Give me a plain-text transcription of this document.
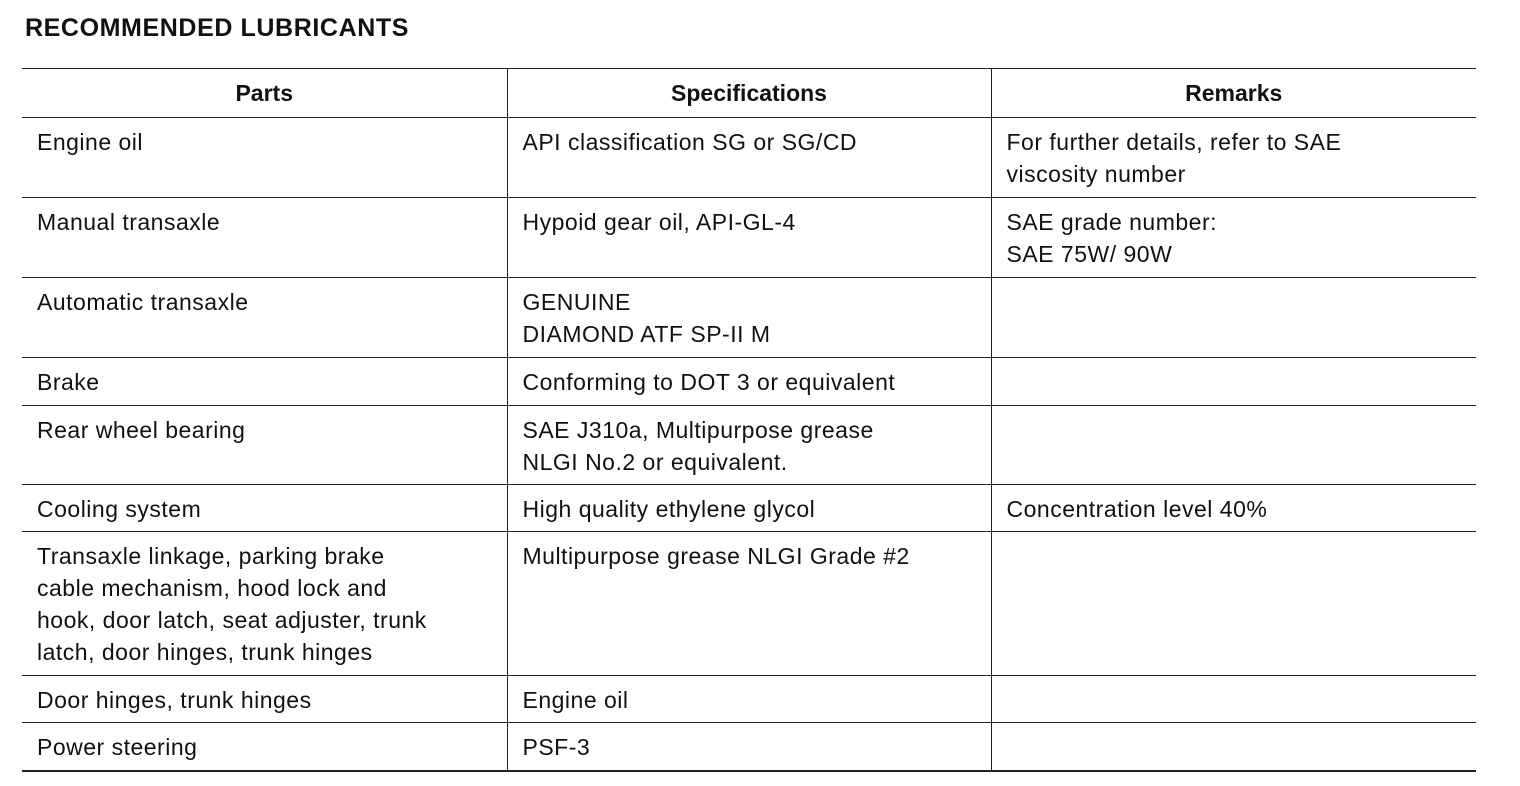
RECOMMENDED LUBRICANTS
Parts	Specifications	Remarks
Engine oil	API classification SG or SG/CD	For further details, refer to SAE
viscosity number
Manual transaxle	Hypoid gear oil, API-GL-4	SAE grade number:
SAE 75W/ 90W
Automatic transaxle	GENUINE
DIAMOND ATF SP-II M	
Brake	Conforming to DOT 3 or equivalent	
Rear wheel bearing	SAE J310a, Multipurpose grease
NLGI No.2 or equivalent.	
Cooling system	High quality ethylene glycol	Concentration level 40%
Transaxle linkage, parking brake
cable mechanism, hood lock and
hook, door latch, seat adjuster, trunk
latch, door hinges, trunk hinges	Multipurpose grease NLGI Grade #2	
Door hinges, trunk hinges	Engine oil	
Power steering	PSF-3	
